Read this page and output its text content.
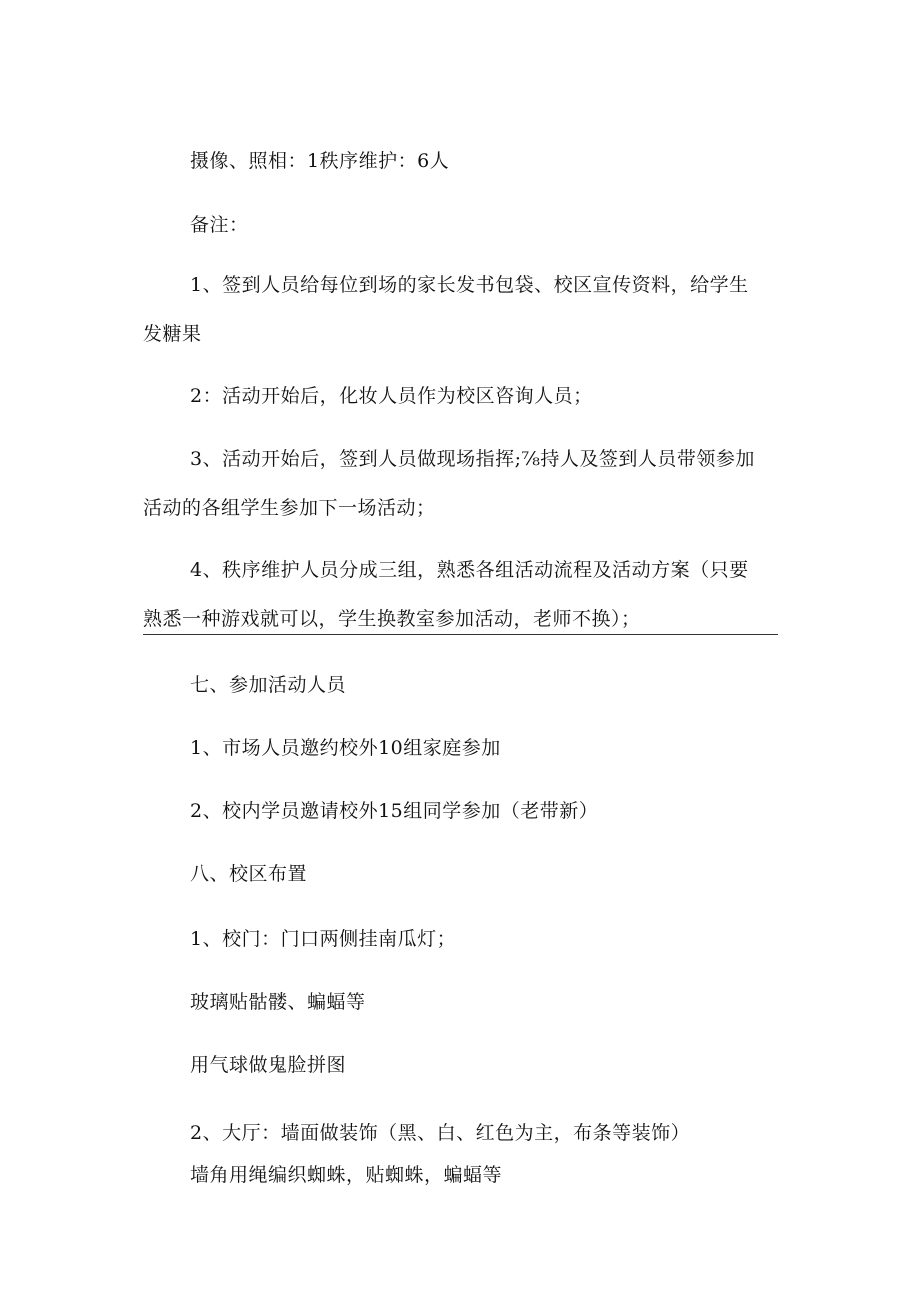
摄像、照相：1秩序维护：6人
备注：
1、签到人员给每位到场的家长发书包袋、校区宣传资料，给学生
发糖果
2：活动开始后，化妆人员作为校区咨询人员；
3、活动开始后，签到人员做现场指挥;⅞持人及签到人员带领参加
活动的各组学生参加下一场活动；
4、秩序维护人员分成三组，熟悉各组活动流程及活动方案（只要
熟悉一种游戏就可以，学生换教室参加活动，老师不换）；
七、参加活动人员
1、市场人员邀约校外10组家庭参加
2、校内学员邀请校外15组同学参加（老带新）
八、校区布置
1、校门：门口两侧挂南瓜灯；
玻璃贴骷髅、蝙蝠等
用气球做鬼脸拼图
2、大厅：墙面做装饰（黑、白、红色为主，布条等装饰）
墙角用绳编织蜘蛛，贴蜘蛛，蝙蝠等
